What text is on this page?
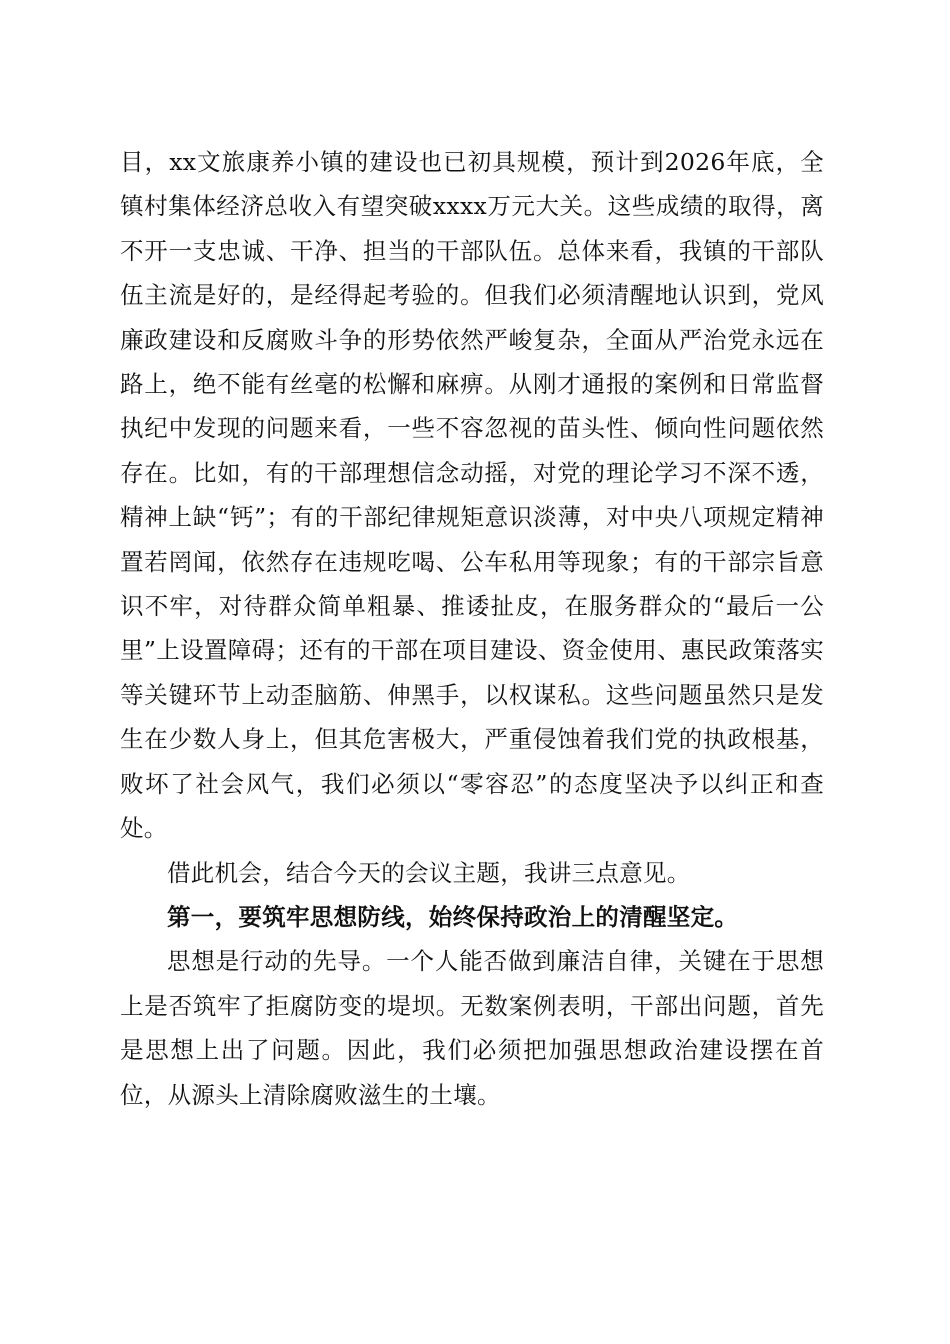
目，xx文旅康养小镇的建设也已初具规模，预计到2026年底，全镇村集体经济总收入有望突破xxxx万元大关。这些成绩的取得，离不开一支忠诚、干净、担当的干部队伍。总体来看，我镇的干部队伍主流是好的，是经得起考验的。但我们必须清醒地认识到，党风廉政建设和反腐败斗争的形势依然严峻复杂，全面从严治党永远在路上，绝不能有丝毫的松懈和麻痹。从刚才通报的案例和日常监督执纪中发现的问题来看，一些不容忽视的苗头性、倾向性问题依然存在。比如，有的干部理想信念动摇，对党的理论学习不深不透，精神上缺“钙”；有的干部纪律规矩意识淡薄，对中央八项规定精神置若罔闻，依然存在违规吃喝、公车私用等现象；有的干部宗旨意识不牢，对待群众简单粗暴、推诿扯皮，在服务群众的“最后一公里”上设置障碍；还有的干部在项目建设、资金使用、惠民政策落实等关键环节上动歪脑筋、伸黑手，以权谋私。这些问题虽然只是发生在少数人身上，但其危害极大，严重侵蚀着我们党的执政根基，败坏了社会风气，我们必须以“零容忍”的态度坚决予以纠正和查处。

借此机会，结合今天的会议主题，我讲三点意见。

第一，要筑牢思想防线，始终保持政治上的清醒坚定。

思想是行动的先导。一个人能否做到廉洁自律，关键在于思想上是否筑牢了拒腐防变的堤坝。无数案例表明，干部出问题，首先是思想上出了问题。因此，我们必须把加强思想政治建设摆在首位，从源头上清除腐败滋生的土壤。
